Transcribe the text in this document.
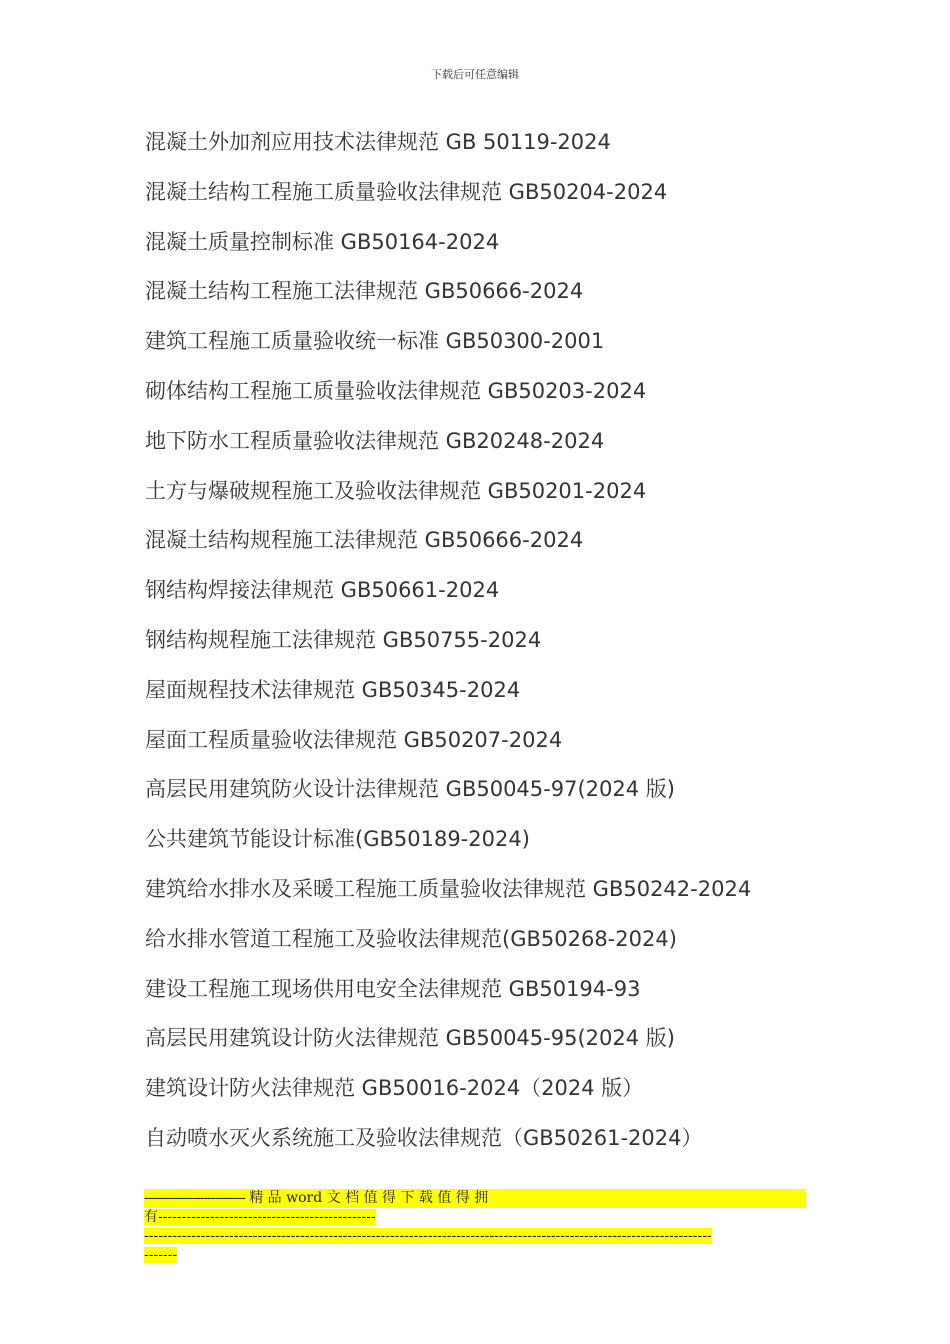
下载后可任意编辑
混凝土外加剂应用技术法律规范 GB 50119-2024
混凝土结构工程施工质量验收法律规范 GB50204-2024
混凝土质量控制标准 GB50164-2024
混凝土结构工程施工法律规范 GB50666-2024
建筑工程施工质量验收统一标准 GB50300-2001
砌体结构工程施工质量验收法律规范 GB50203-2024
地下防水工程质量验收法律规范 GB20248-2024
土方与爆破规程施工及验收法律规范 GB50201-2024
混凝土结构规程施工法律规范 GB50666-2024
钢结构焊接法律规范 GB50661-2024
钢结构规程施工法律规范 GB50755-2024
屋面规程技术法律规范 GB50345-2024
屋面工程质量验收法律规范 GB50207-2024
高层民用建筑防火设计法律规范 GB50045-97(2024 版)
公共建筑节能设计标准(GB50189-2024)
建筑给水排水及采暖工程施工质量验收法律规范 GB50242-2024
给水排水管道工程施工及验收法律规范(GB50268-2024)
建设工程施工现场供用电安全法律规范 GB50194-93
高层民用建筑设计防火法律规范 GB50045-95(2024 版)
建筑设计防火法律规范 GB50016-2024（2024 版）
自动喷水灭火系统施工及验收法律规范（GB50261-2024）
--------------------------- 精 品 word 文 档 值 得 下 载 值 得 拥
有----------------------------------------------
------------------------------------------------------------------------------------------------------------------------
-------
